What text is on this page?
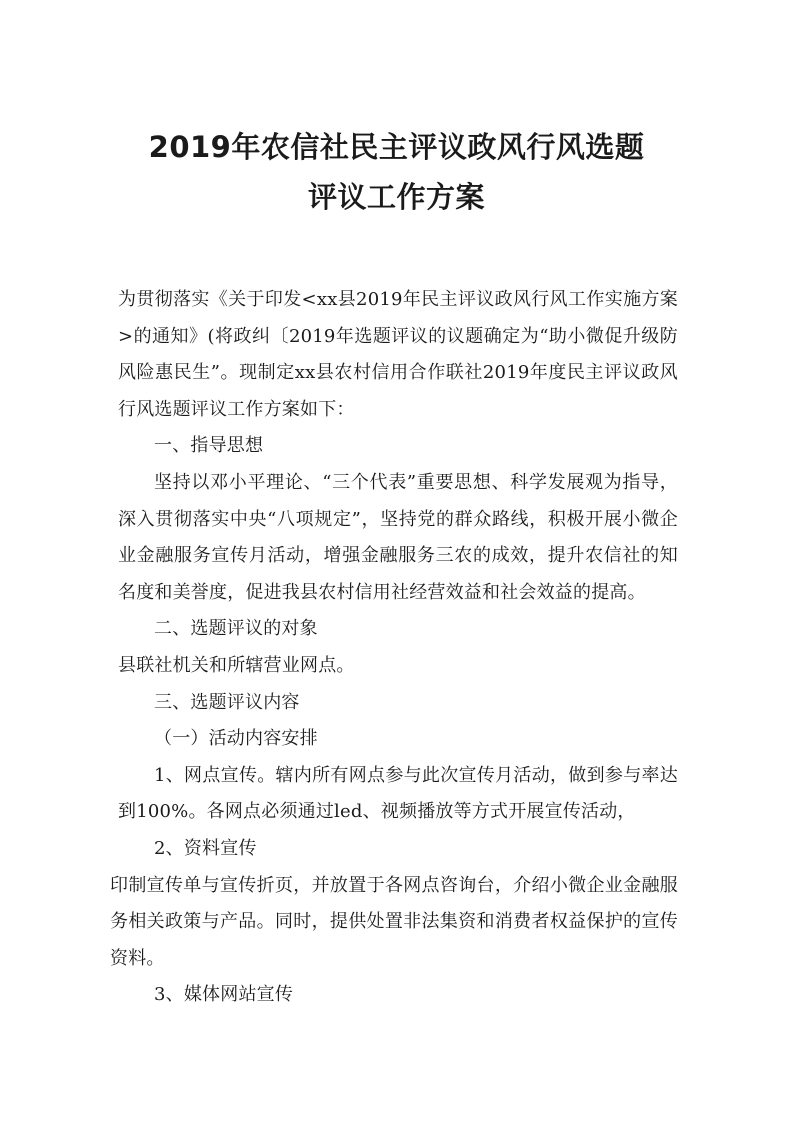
2019年农信社民主评议政风行风选题
评议工作方案

为贯彻落实《关于印发<xx县2019年民主评议政风行风工作实施方案>的通知》(将政纠〔2019年选题评议的议题确定为“助小微促升级防风险惠民生”。现制定xx县农村信用合作联社2019年度民主评议政风行风选题评议工作方案如下：

一、指导思想

坚持以邓小平理论、“三个代表”重要思想、科学发展观为指导，深入贯彻落实中央“八项规定”，坚持党的群众路线，积极开展小微企业金融服务宣传月活动，增强金融服务三农的成效，提升农信社的知名度和美誉度，促进我县农村信用社经营效益和社会效益的提高。

二、选题评议的对象

县联社机关和所辖营业网点。

三、选题评议内容

（一）活动内容安排

1、网点宣传。辖内所有网点参与此次宣传月活动，做到参与率达到100%。各网点必须通过led、视频播放等方式开展宣传活动，

2、资料宣传

印制宣传单与宣传折页，并放置于各网点咨询台，介绍小微企业金融服务相关政策与产品。同时，提供处置非法集资和消费者权益保护的宣传资料。

3、媒体网站宣传
